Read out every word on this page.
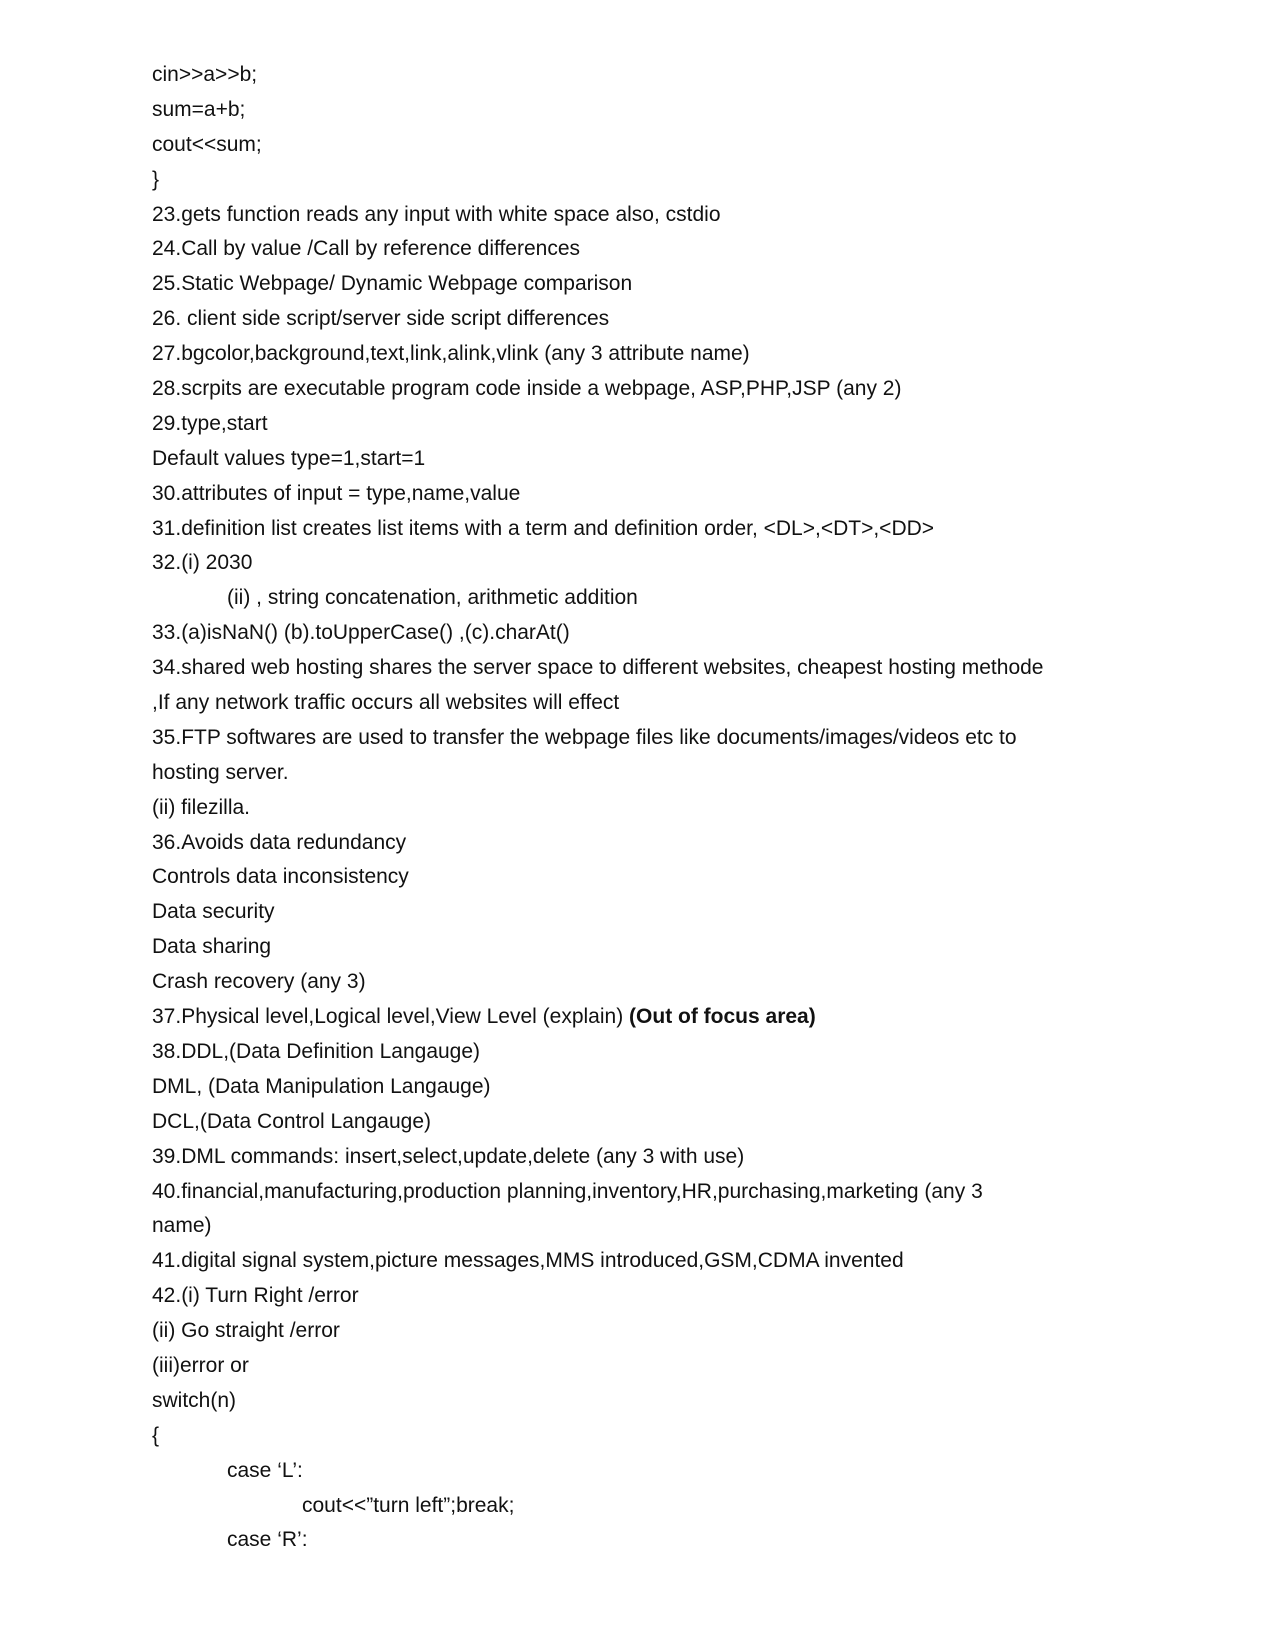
cin>>a>>b;
sum=a+b;
cout<<sum;
}
23.gets function reads any input with white space also, cstdio
24.Call by value /Call by reference differences
25.Static Webpage/ Dynamic Webpage comparison
26. client side script/server side script differences
27.bgcolor,background,text,link,alink,vlink (any 3 attribute name)
28.scrpits are executable program code inside a webpage, ASP,PHP,JSP (any 2)
29.type,start
Default values type=1,start=1
30.attributes of input = type,name,value
31.definition list creates list items with a term and definition order, <DL>,<DT>,<DD>
32.(i) 2030
(ii) , string concatenation, arithmetic addition
33.(a)isNaN() (b).toUpperCase() ,(c).charAt()
34.shared web hosting shares the server space to different websites, cheapest hosting methode
,If any network traffic occurs all websites will effect
35.FTP softwares are used to transfer the webpage files like documents/images/videos etc to
hosting server.
(ii) filezilla.
36.Avoids data redundancy
Controls data inconsistency
Data security
Data sharing
Crash recovery (any 3)
37.Physical level,Logical level,View Level (explain) (Out of focus area)
38.DDL,(Data Definition Langauge)
DML, (Data Manipulation Langauge)
DCL,(Data Control Langauge)
39.DML commands: insert,select,update,delete (any 3 with use)
40.financial,manufacturing,production planning,inventory,HR,purchasing,marketing (any 3
name)
41.digital signal system,picture messages,MMS introduced,GSM,CDMA invented
42.(i) Turn Right /error
(ii) Go straight /error
(iii)error or
switch(n)
{
case ‘L’:
cout<<”turn left”;break;
case ‘R’:
